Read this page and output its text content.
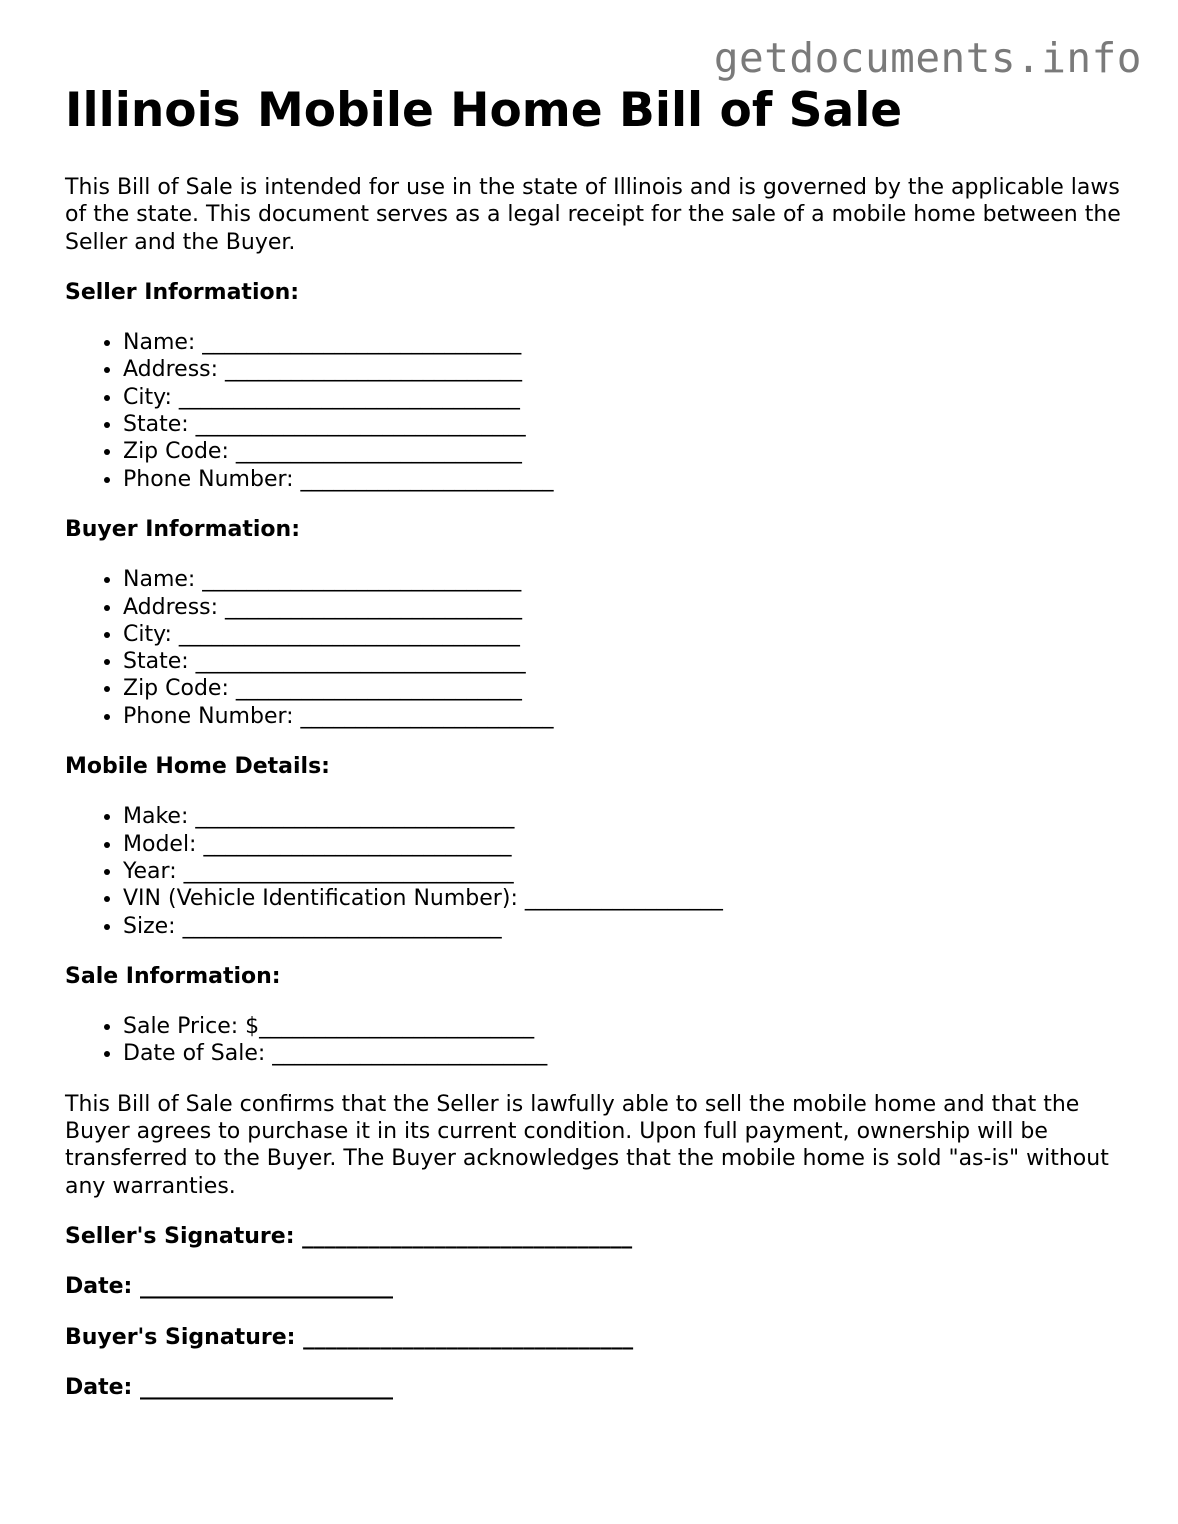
getdocuments.info
Illinois Mobile Home Bill of Sale

This Bill of Sale is intended for use in the state of Illinois and is governed by the applicable laws of the state. This document serves as a legal receipt for the sale of a mobile home between the Seller and the Buyer.

Seller Information:
• Name: _____________________________
• Address: ___________________________
• City: _______________________________
• State: ______________________________
• Zip Code: __________________________
• Phone Number: _______________________
Buyer Information:
• Name: _____________________________
• Address: ___________________________
• City: _______________________________
• State: ______________________________
• Zip Code: __________________________
• Phone Number: _______________________
Mobile Home Details:
• Make: _____________________________
• Model: ____________________________
• Year: ______________________________
• VIN (Vehicle Identification Number): __________________
• Size: _____________________________
Sale Information:
• Sale Price: $_________________________
• Date of Sale: _________________________

This Bill of Sale confirms that the Seller is lawfully able to sell the mobile home and that the Buyer agrees to purchase it in its current condition. Upon full payment, ownership will be transferred to the Buyer. The Buyer acknowledges that the mobile home is sold "as-is" without any warranties.

Seller's Signature: ______________________________
Date: _______________________
Buyer's Signature: ______________________________
Date: _______________________
